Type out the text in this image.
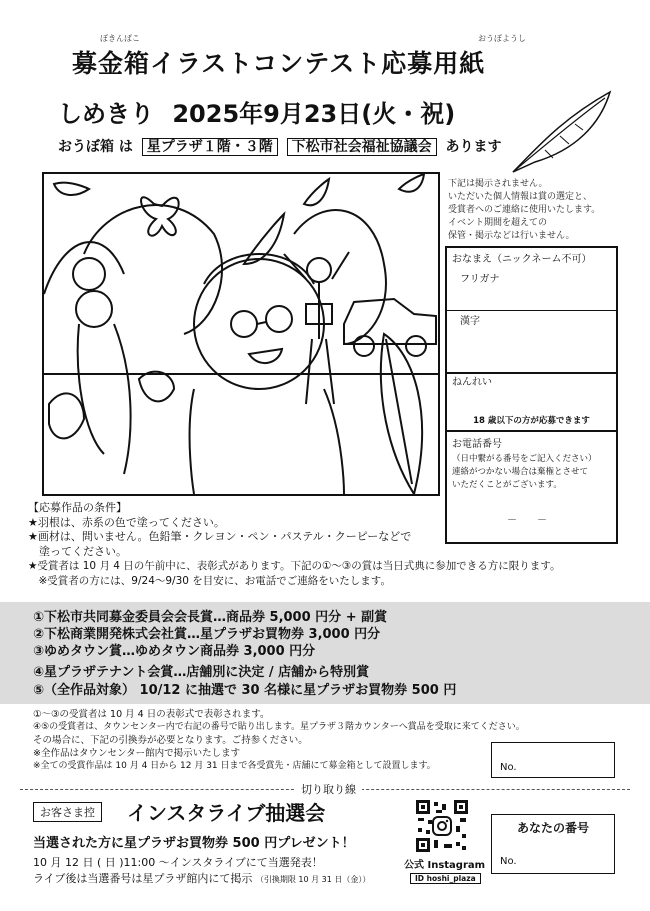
ぼきんばこ	おうぼようし
募金箱イラストコンテスト応募用紙
しめきり 2025年9月23日(火・祝)
おうぼ箱 は 星プラザ１階・３階 下松市社会福祉協議会 あります
下記は掲示されません。
いただいた個人情報は賞の選定と、
受賞者へのご連絡に使用いたします。
イベント期間を超えての
保管・掲示などは行いません。
おなまえ（ニックネーム不可）
フリガナ
漢字
ねんれい
18 歳以下の方が応募できます
お電話番号
（日中繋がる番号をご記入ください）
連絡がつかない場合は棄権とさせて
いただくことがございます。
－　　－
【応募作品の条件】
★羽根は、赤系の色で塗ってください。
★画材は、問いません。色鉛筆・クレヨン・ペン・パステル・クーピーなどで
　塗ってください。
★受賞者は 10 月 4 日の午前中に、表彰式があります。下記の①～③の賞は当日式典に参加できる方に限ります。
　※受賞者の方には、9/24～9/30 を目安に、お電話でご連絡をいたします。
①下松市共同募金委員会会長賞…商品券 5,000 円分 + 副賞
②下松商業開発株式会社賞…星プラザお買物券 3,000 円分
③ゆめタウン賞…ゆめタウン商品券 3,000 円分
④星プラザテナント会賞…店舗別に決定 / 店舗から特別賞
⑤（全作品対象） 10/12 に抽選で 30 名様に星プラザお買物券 500 円
①～③の受賞者は 10 月 4 日の表彰式で表彰されます。
④⑤の受賞者は、タウンセンター内で右記の番号で貼り出します。星プラザ３階カウンターへ賞品を受取に来てください。
その場合に、下記の引換券が必要となります。ご持参ください。
※全作品はタウンセンター館内で掲示いたします
※全ての受賞作品は 10 月 4 日から 12 月 31 日まで各受賞先・店舗にて募金箱として設置します。	No.
切り取り線
お客さま控	インスタライブ抽選会
当選された方に星プラザお買物券 500 円プレゼント！
10 月 12 日 ( 日 )11:00 ～インスタライブにて当選発表！
ライブ後は当選番号は星プラザ館内にて掲示 （引換期限 10 月 31 日（金））
公式 Instagram
ID hoshi_plaza
あなたの番号
No.
